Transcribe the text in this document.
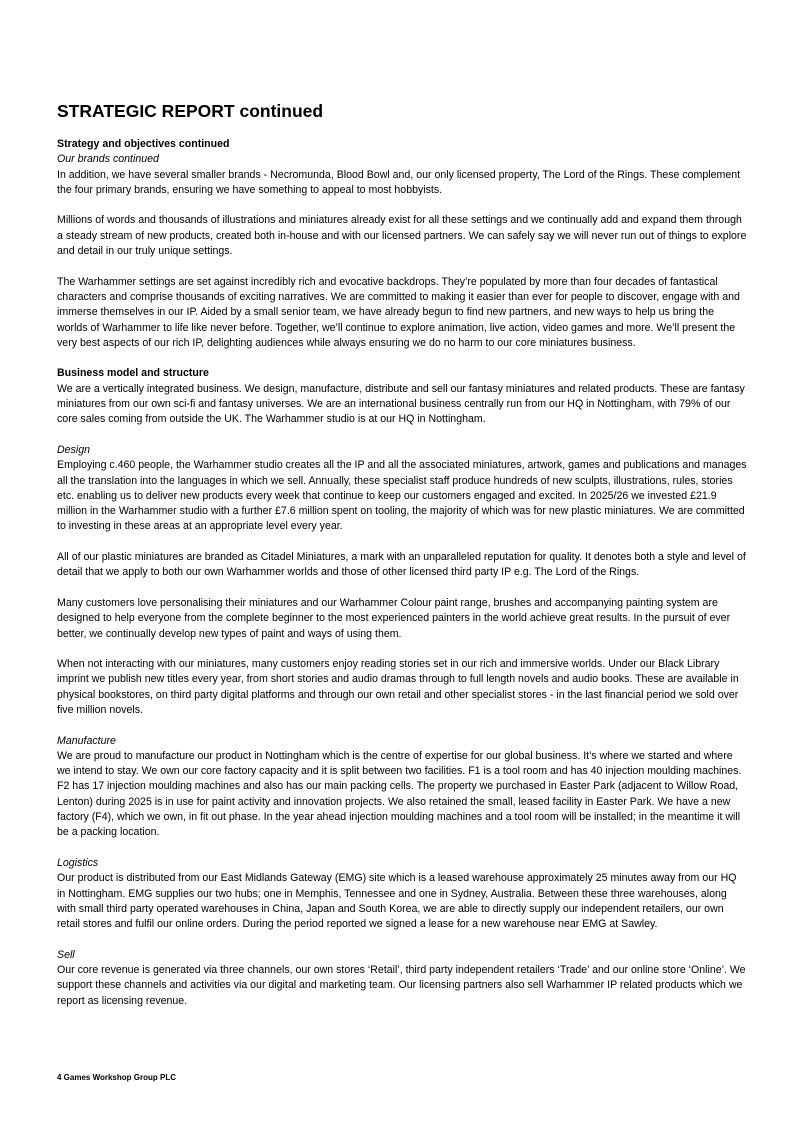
STRATEGIC REPORT continued

Strategy and objectives continued
Our brands continued
In addition, we have several smaller brands - Necromunda, Blood Bowl and, our only licensed property, The Lord of the Rings. These complement the four primary brands, ensuring we have something to appeal to most hobbyists.

Millions of words and thousands of illustrations and miniatures already exist for all these settings and we continually add and expand them through a steady stream of new products, created both in-house and with our licensed partners. We can safely say we will never run out of things to explore and detail in our truly unique settings.

The Warhammer settings are set against incredibly rich and evocative backdrops. They’re populated by more than four decades of fantastical characters and comprise thousands of exciting narratives. We are committed to making it easier than ever for people to discover, engage with and immerse themselves in our IP. Aided by a small senior team, we have already begun to find new partners, and new ways to help us bring the worlds of Warhammer to life like never before. Together, we’ll continue to explore animation, live action, video games and more. We’ll present the very best aspects of our rich IP, delighting audiences while always ensuring we do no harm to our core miniatures business.

Business model and structure
We are a vertically integrated business. We design, manufacture, distribute and sell our fantasy miniatures and related products. These are fantasy miniatures from our own sci-fi and fantasy universes. We are an international business centrally run from our HQ in Nottingham, with 79% of our core sales coming from outside the UK. The Warhammer studio is at our HQ in Nottingham.

Design
Employing c.460 people, the Warhammer studio creates all the IP and all the associated miniatures, artwork, games and publications and manages all the translation into the languages in which we sell. Annually, these specialist staff produce hundreds of new sculpts, illustrations, rules, stories etc. enabling us to deliver new products every week that continue to keep our customers engaged and excited. In 2025/26 we invested £21.9 million in the Warhammer studio with a further £7.6 million spent on tooling, the majority of which was for new plastic miniatures. We are committed to investing in these areas at an appropriate level every year.

All of our plastic miniatures are branded as Citadel Miniatures, a mark with an unparalleled reputation for quality. It denotes both a style and level of detail that we apply to both our own Warhammer worlds and those of other licensed third party IP e.g. The Lord of the Rings.

Many customers love personalising their miniatures and our Warhammer Colour paint range, brushes and accompanying painting system are designed to help everyone from the complete beginner to the most experienced painters in the world achieve great results. In the pursuit of ever better, we continually develop new types of paint and ways of using them.

When not interacting with our miniatures, many customers enjoy reading stories set in our rich and immersive worlds. Under our Black Library imprint we publish new titles every year, from short stories and audio dramas through to full length novels and audio books. These are available in physical bookstores, on third party digital platforms and through our own retail and other specialist stores - in the last financial period we sold over five million novels.

Manufacture
We are proud to manufacture our product in Nottingham which is the centre of expertise for our global business. It’s where we started and where we intend to stay. We own our core factory capacity and it is split between two facilities. F1 is a tool room and has 40 injection moulding machines. F2 has 17 injection moulding machines and also has our main packing cells. The property we purchased in Easter Park (adjacent to Willow Road, Lenton) during 2025 is in use for paint activity and innovation projects. We also retained the small, leased facility in Easter Park. We have a new factory (F4), which we own, in fit out phase. In the year ahead injection moulding machines and a tool room will be installed; in the meantime it will be a packing location.

Logistics
Our product is distributed from our East Midlands Gateway (EMG) site which is a leased warehouse approximately 25 minutes away from our HQ in Nottingham. EMG supplies our two hubs; one in Memphis, Tennessee and one in Sydney, Australia. Between these three warehouses, along with small third party operated warehouses in China, Japan and South Korea, we are able to directly supply our independent retailers, our own retail stores and fulfil our online orders. During the period reported we signed a lease for a new warehouse near EMG at Sawley.

Sell
Our core revenue is generated via three channels, our own stores ‘Retail’, third party independent retailers ‘Trade’ and our online store ‘Online’. We support these channels and activities via our digital and marketing team. Our licensing partners also sell Warhammer IP related products which we report as licensing revenue.

4 Games Workshop Group PLC
